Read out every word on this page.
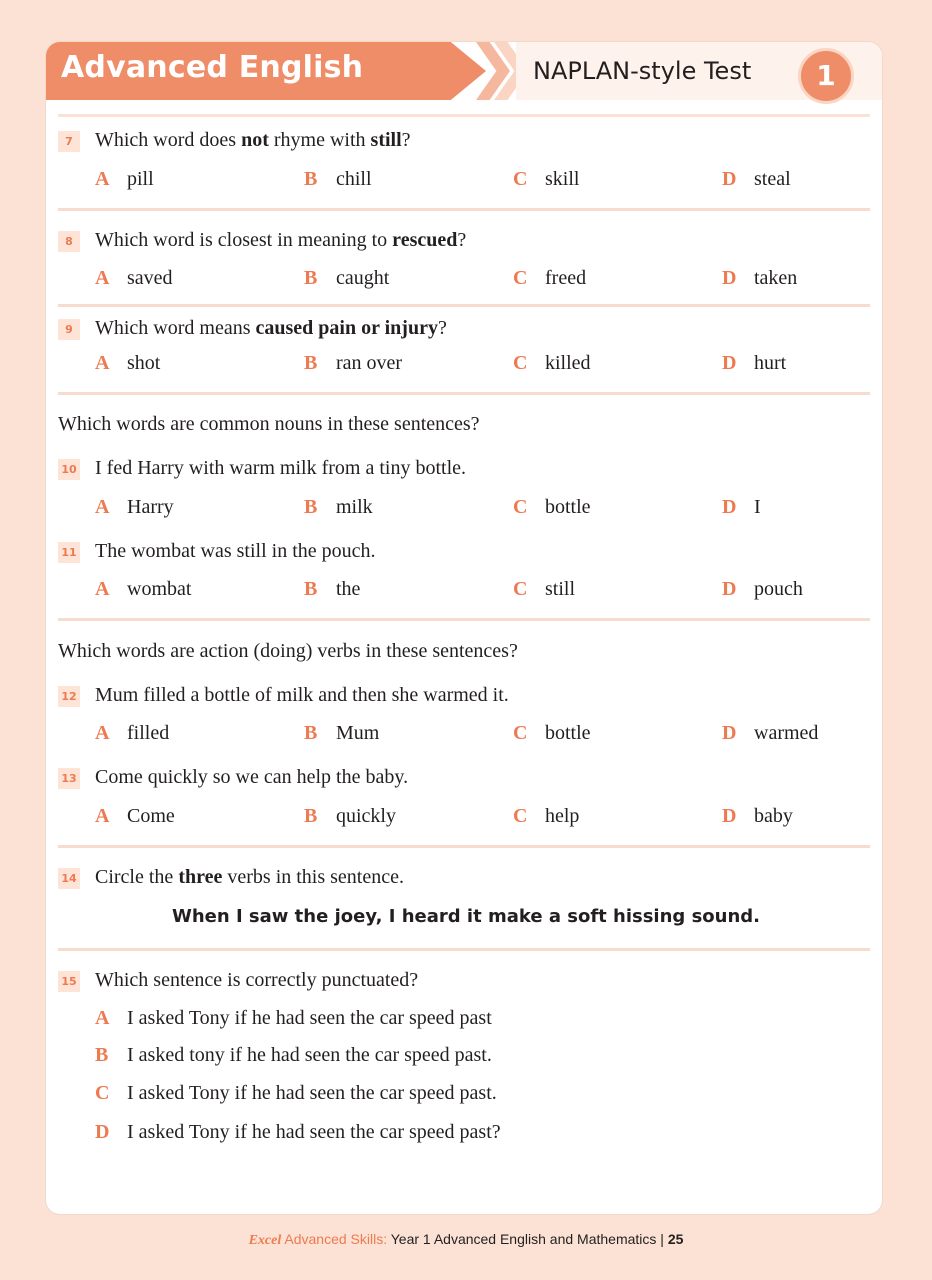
Advanced English	NAPLAN-style Test	1
7	Which word does not rhyme with still?
A pill	B chill	C skill	D steal
8	Which word is closest in meaning to rescued?
A saved	B caught	C freed	D taken
9	Which word means caused pain or injury?
A shot	B ran over	C killed	D hurt
Which words are common nouns in these sentences?
10 I fed Harry with warm milk from a tiny bottle.
A Harry	B milk	C bottle	D I
11 The wombat was still in the pouch.
A wombat	B the	C still	D pouch
Which words are action (doing) verbs in these sentences?
12 Mum filled a bottle of milk and then she warmed it.
A filled	B Mum	C bottle	D warmed
13 Come quickly so we can help the baby.
A Come	B quickly	C help	D baby
14 Circle the three verbs in this sentence.
When I saw the joey, I heard it make a soft hissing sound.
15 Which sentence is correctly punctuated?
A I asked Tony if he had seen the car speed past
B I asked tony if he had seen the car speed past.
C I asked Tony if he had seen the car speed past.
D I asked Tony if he had seen the car speed past?
Excel Advanced Skills: Year 1 Advanced English and Mathematics | 25
